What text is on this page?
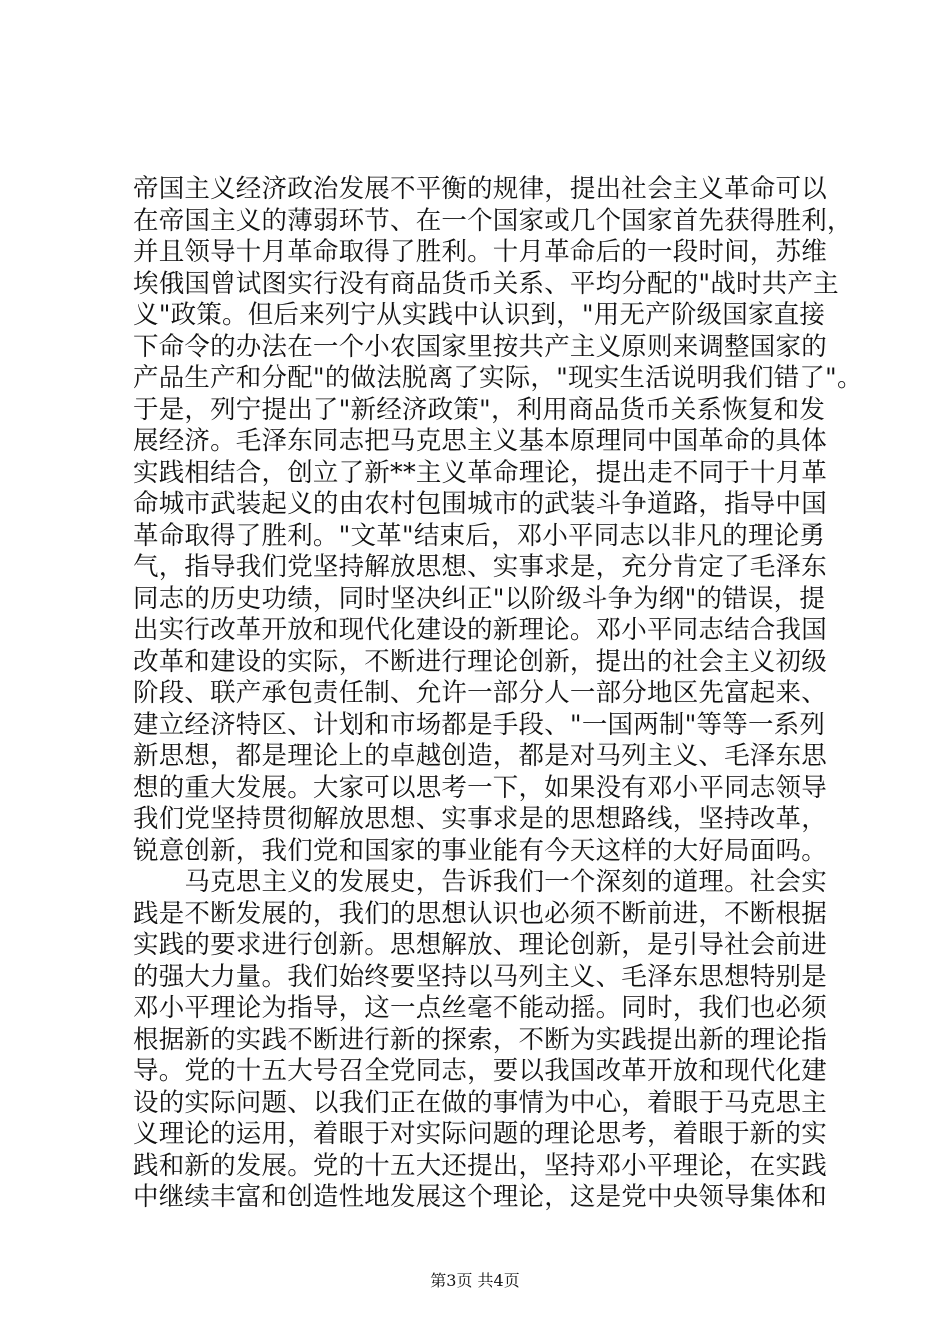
帝国主义经济政治发展不平衡的规律，提出社会主义革命可以
在帝国主义的薄弱环节、在一个国家或几个国家首先获得胜利，
并且领导十月革命取得了胜利。十月革命后的一段时间，苏维
埃俄国曾试图实行没有商品货币关系、平均分配的"战时共产主
义"政策。但后来列宁从实践中认识到，"用无产阶级国家直接
下命令的办法在一个小农国家里按共产主义原则来调整国家的
产品生产和分配"的做法脱离了实际，"现实生活说明我们错了"。
于是，列宁提出了"新经济政策"，利用商品货币关系恢复和发
展经济。毛泽东同志把马克思主义基本原理同中国革命的具体
实践相结合，创立了新**主义革命理论，提出走不同于十月革
命城市武装起义的由农村包围城市的武装斗争道路，指导中国
革命取得了胜利。"文革"结束后，邓小平同志以非凡的理论勇
气，指导我们党坚持解放思想、实事求是，充分肯定了毛泽东
同志的历史功绩，同时坚决纠正"以阶级斗争为纲"的错误，提
出实行改革开放和现代化建设的新理论。邓小平同志结合我国
改革和建设的实际，不断进行理论创新，提出的社会主义初级
阶段、联产承包责任制、允许一部分人一部分地区先富起来、
建立经济特区、计划和市场都是手段、"一国两制"等等一系列
新思想，都是理论上的卓越创造，都是对马列主义、毛泽东思
想的重大发展。大家可以思考一下，如果没有邓小平同志领导
我们党坚持贯彻解放思想、实事求是的思想路线，坚持改革，
锐意创新，我们党和国家的事业能有今天这样的大好局面吗。
　　马克思主义的发展史，告诉我们一个深刻的道理。社会实
践是不断发展的，我们的思想认识也必须不断前进，不断根据
实践的要求进行创新。思想解放、理论创新，是引导社会前进
的强大力量。我们始终要坚持以马列主义、毛泽东思想特别是
邓小平理论为指导，这一点丝毫不能动摇。同时，我们也必须
根据新的实践不断进行新的探索，不断为实践提出新的理论指
导。党的十五大号召全党同志，要以我国改革开放和现代化建
设的实际问题、以我们正在做的事情为中心，着眼于马克思主
义理论的运用，着眼于对实际问题的理论思考，着眼于新的实
践和新的发展。党的十五大还提出，坚持邓小平理论，在实践
中继续丰富和创造性地发展这个理论，这是党中央领导集体和
第3页 共4页
